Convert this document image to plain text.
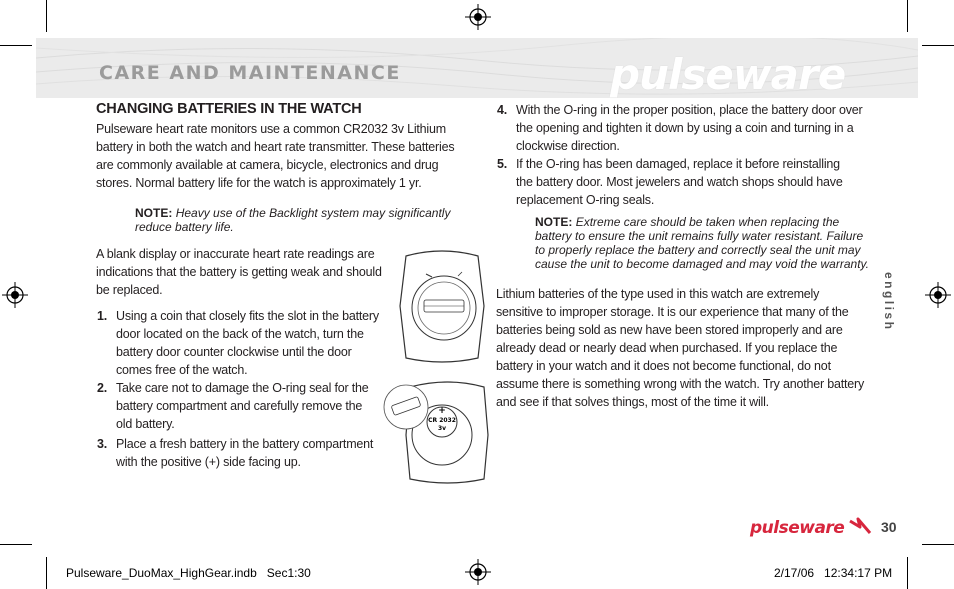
CARE AND MAINTENANCE	pulseware
CHANGING BATTERIES IN THE WATCH

Pulseware heart rate monitors use a common CR2032 3v Lithium

battery in both the watch and heart rate transmitter. These batteries

are commonly available at camera, bicycle, electronics and drug

stores. Normal battery life for the watch is approximately 1 yr.

NOTE: Heavy use of the Backlight system may significantly

reduce battery life.

A blank display or inaccurate heart rate readings are

indications that the battery is getting weak and should

be replaced.

1. Using a coin that closely fits the slot in the battery

door located on the back of the watch, turn the

battery door counter clockwise until the door

comes free of the watch.

2. Take care not to damage the O-ring seal for the

battery compartment and carefully remove the

old battery.

3. Place a fresh battery in the battery compartment

with the positive (+) side facing up.

+
CR 2032
3v
4. With the O-ring in the proper position, place the battery door over

the opening and tighten it down by using a coin and turning in a

clockwise direction.

5. If the O-ring has been damaged, replace it before reinstalling

the battery door. Most jewelers and watch shops should have

replacement O-ring seals.

NOTE: Extreme care should be taken when replacing the

battery to ensure the unit remains fully water resistant. Failure

to properly replace the battery and correctly seal the unit may

cause the unit to become damaged and may void the warranty.

Lithium batteries of the type used in this watch are extremely

sensitive to improper storage. It is our experience that many of the

batteries being sold as new have been stored improperly and are

already dead or nearly dead when purchased. If you replace the

battery in your watch and it does not become functional, do not

assume there is something wrong with the watch. Try another battery

and see if that solves things, most of the time it will.

english
pulseware	30
Pulseware_DuoMax_HighGear.indb   Sec1:30	2/17/06   12:34:17 PM
